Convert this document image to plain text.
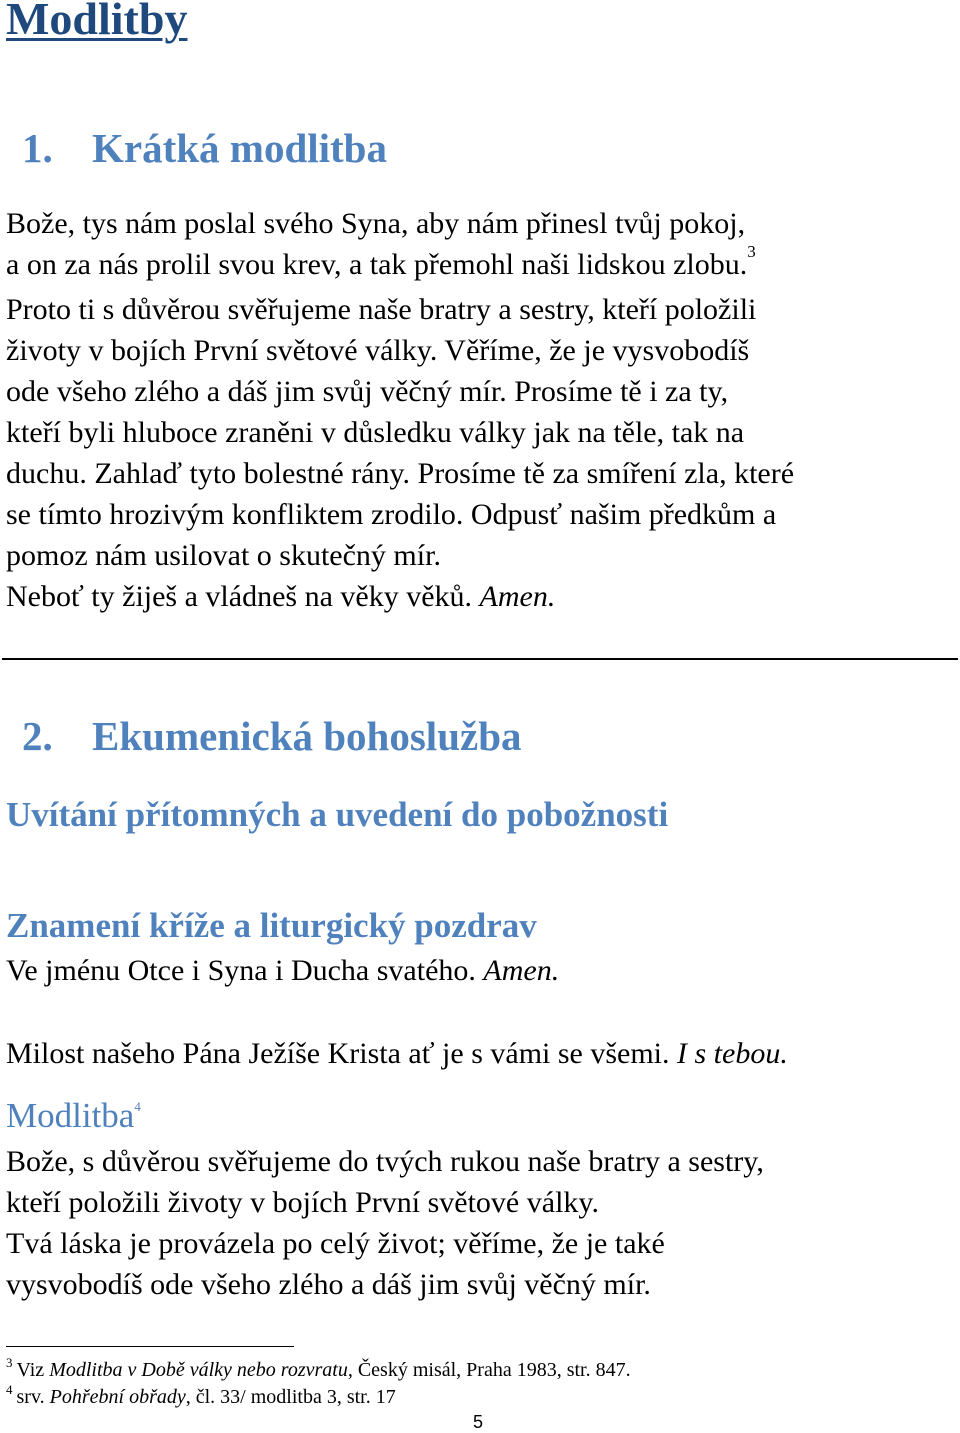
Modlitby
1. Krátká modlitba
Bože, tys nám poslal svého Syna, aby nám přinesl tvůj pokoj,
a on za nás prolil svou krev, a tak přemohl naši lidskou zlobu.$^3$
Proto ti s důvěrou svěřujeme naše bratry a sestry, kteří položili
životy v bojích První světové války. Věříme, že je vysvobodíš
ode všeho zlého a dáš jim svůj věčný mír. Prosíme tě i za ty,
kteří byli hluboce zraněni v důsledku války jak na těle, tak na
duchu. Zahlaď tyto bolestné rány. Prosíme tě za smíření zla, které
se tímto hrozivým konfliktem zrodilo. Odpusť našim předkům a
pomoz nám usilovat o skutečný mír.
Neboť ty žiješ a vládneš na věky věků. Amen.
2. Ekumenická bohoslužba
Uvítání přítomných a uvedení do pobožnosti
Znamení kříže a liturgický pozdrav
Ve jménu Otce i Syna i Ducha svatého. Amen.
Milost našeho Pána Ježíše Krista ať je s vámi se všemi. I s tebou.
Modlitba$^4$
Bože, s důvěrou svěřujeme do tvých rukou naše bratry a sestry,
kteří položili životy v bojích První světové války.
Tvá láska je provázela po celý život; věříme, že je také
vysvobodíš ode všeho zlého a dáš jim svůj věčný mír.
$^3$ Viz Modlitba v Době války nebo rozvratu, Český misál, Praha 1983, str. 847.
$^4$ srv. Pohřební obřady, čl. 33/ modlitba 3, str. 17
5
